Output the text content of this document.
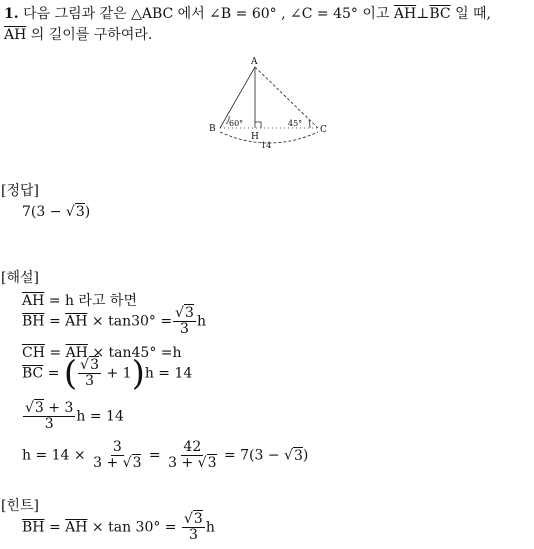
1. 다음 그림과 같은 △ABC 에서 ∠B = 60° , ∠C = 45° 이고 $\overline{AH}\perp\overline{BC}$ 일 때,
$\overline{AH}$ 의 길이를 구하여라.
A
B	C
H
60°	45°
14
[정답]
7(3 − √3)
[해설]
$\overline{AH} = h$ 라고 하면
$\overline{BH} = \overline{AH} \times \tan 30^\circ = \frac{√3}{3}$ h
$\overline{CH} = \overline{AH} \times \tan 45^\circ =h$
$\overline{BC}$ = ( $\frac{√3}{3} + 1)h = 14$
$\frac{√3 + 3}{3}$ h = 14
$h = 14 \times \frac{3}{3 + √3} = \frac{42}{3 + √3} = 7(3 - √3)$
[힌트]
$\overline{BH} = \overline{AH} \times \tan 30^\circ = \frac{√3}{3}$ h
